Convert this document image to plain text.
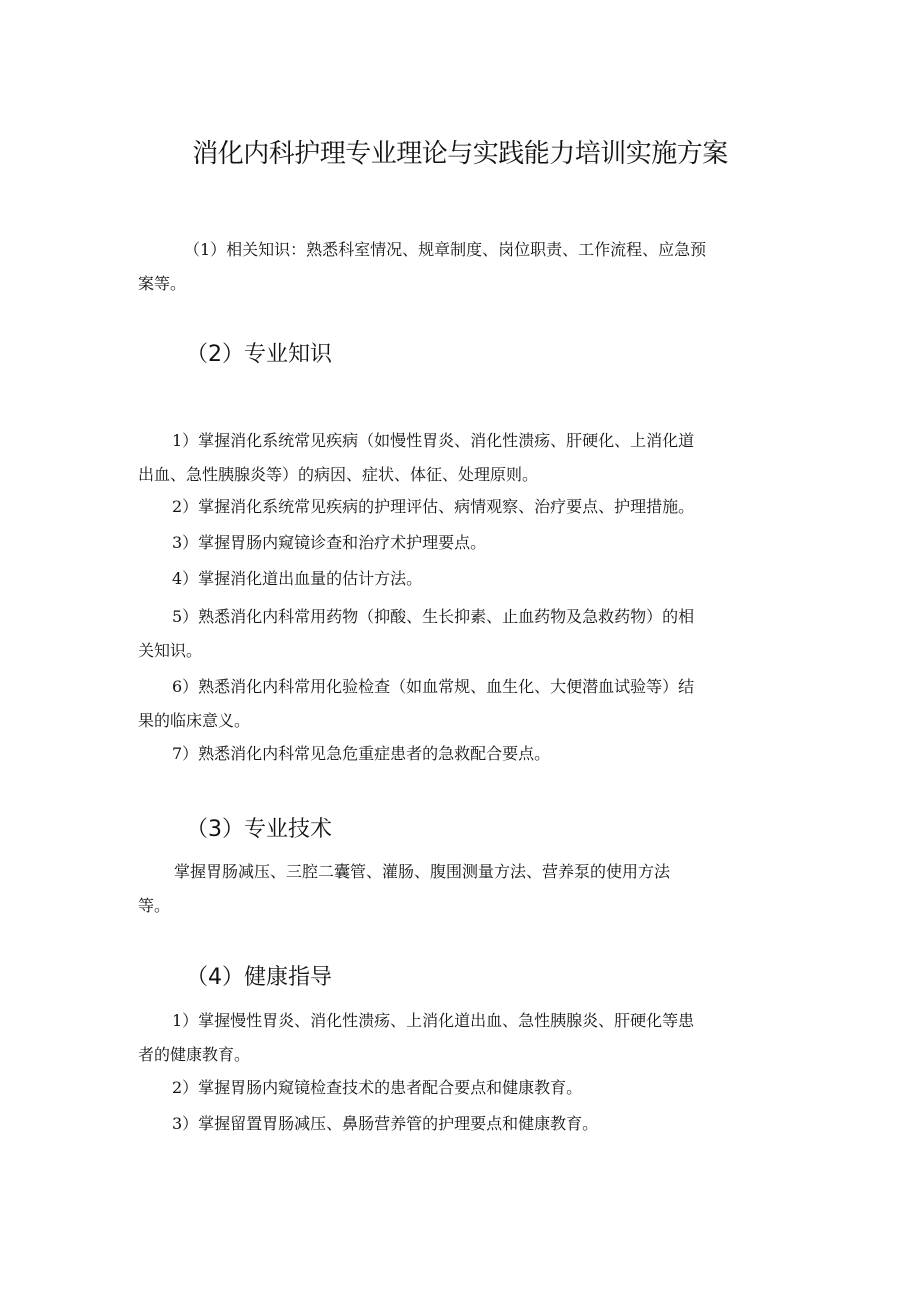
消化内科护理专业理论与实践能力培训实施方案
（1）相关知识：熟悉科室情况、规章制度、岗位职责、工作流程、应急预
案等。
（2）专业知识
1）掌握消化系统常见疾病（如慢性胃炎、消化性溃疡、肝硬化、上消化道
出血、急性胰腺炎等）的病因、症状、体征、处理原则。
2）掌握消化系统常见疾病的护理评估、病情观察、治疗要点、护理措施。
3）掌握胃肠内窥镜诊查和治疗术护理要点。
4）掌握消化道出血量的估计方法。
5）熟悉消化内科常用药物（抑酸、生长抑素、止血药物及急救药物）的相
关知识。
6）熟悉消化内科常用化验检查（如血常规、血生化、大便潜血试验等）结
果的临床意义。
7）熟悉消化内科常见急危重症患者的急救配合要点。
（3）专业技术
掌握胃肠减压、三腔二囊管、灌肠、腹围测量方法、营养泵的使用方法
等。
（4）健康指导
1）掌握慢性胃炎、消化性溃疡、上消化道出血、急性胰腺炎、肝硬化等患
者的健康教育。
2）掌握胃肠内窥镜检查技术的患者配合要点和健康教育。
3）掌握留置胃肠减压、鼻肠营养管的护理要点和健康教育。
